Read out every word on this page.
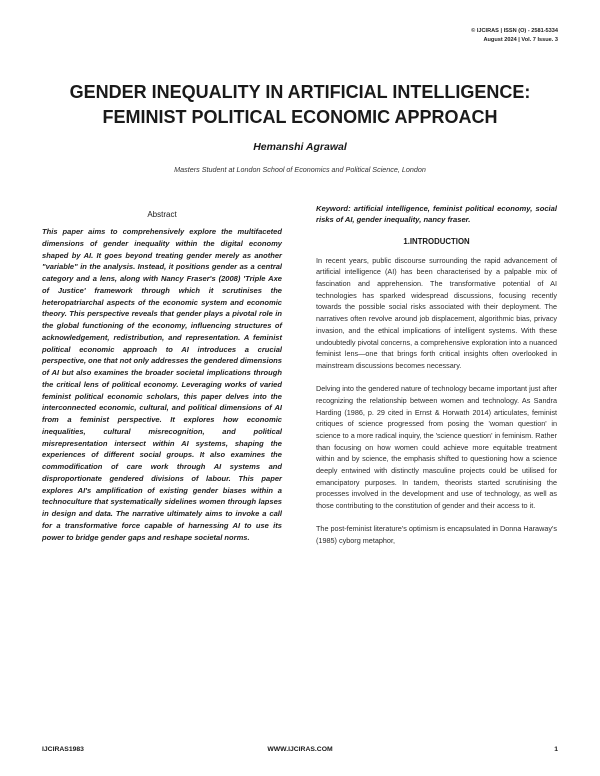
© IJCIRAS | ISSN (O) - 2581-5334
August 2024 | Vol. 7 Issue. 3
GENDER INEQUALITY IN ARTIFICIAL INTELLIGENCE:
FEMINIST POLITICAL ECONOMIC APPROACH
Hemanshi Agrawal
Masters Student at London School of Economics and Political Science, London
Abstract

This paper aims to comprehensively explore the multifaceted dimensions of gender inequality within the digital economy shaped by AI. It goes beyond treating gender merely as another "variable" in the analysis. Instead, it positions gender as a central category and a lens, along with Nancy Fraser's (2008) 'Triple Axe of Justice' framework through which it scrutinises the heteropatriarchal aspects of the economic system and economic theory. This perspective reveals that gender plays a pivotal role in the global functioning of the economy, influencing structures of acknowledgement, redistribution, and representation. A feminist political economic approach to AI introduces a crucial perspective, one that not only addresses the gendered dimensions of AI but also examines the broader societal implications through the critical lens of political economy. Leveraging works of varied feminist political economic scholars, this paper delves into the interconnected economic, cultural, and political dimensions of AI from a feminist perspective. It explores how economic inequalities, cultural misrecognition, and political misrepresentation intersect within AI systems, shaping the experiences of different social groups. It also examines the commodification of care work through AI systems and disproportionate gendered divisions of labour. This paper explores AI's amplification of existing gender biases within a technoculture that systematically sidelines women through lapses in design and data. The narrative ultimately aims to invoke a call for a transformative force capable of harnessing AI to use its power to bridge gender gaps and reshape societal norms.

Keyword: artificial intelligence, feminist political economy, social risks of AI, gender inequality, nancy fraser.

1.INTRODUCTION

In recent years, public discourse surrounding the rapid advancement of artificial intelligence (AI) has been characterised by a palpable mix of fascination and apprehension. The transformative potential of AI technologies has sparked widespread discussions, focusing recently towards the possible social risks associated with their deployment. The narratives often revolve around job displacement, algorithmic bias, privacy invasion, and the ethical implications of intelligent systems. With these undoubtedly pivotal concerns, a comprehensive exploration into a nuanced feminist lens—one that brings forth critical insights often overlooked in mainstream discussions becomes necessary.

Delving into the gendered nature of technology became important just after recognizing the relationship between women and technology. As Sandra Harding (1986, p. 29 cited in Ernst & Horwath 2014) articulates, feminist critiques of science progressed from posing the 'woman question' in science to a more radical inquiry, the 'science question' in feminism. Rather than focusing on how women could achieve more equitable treatment within and by science, the emphasis shifted to questioning how a science deeply entwined with distinctly masculine projects could be utilised for emancipatory purposes. In tandem, theorists started scrutinising the processes involved in the development and use of technology, as well as those contributing to the constitution of gender and their access to it.

The post-feminist literature's optimism is encapsulated in Donna Haraway's (1985) cyborg metaphor,

IJCIRAS1983	WWW.IJCIRAS.COM	1
